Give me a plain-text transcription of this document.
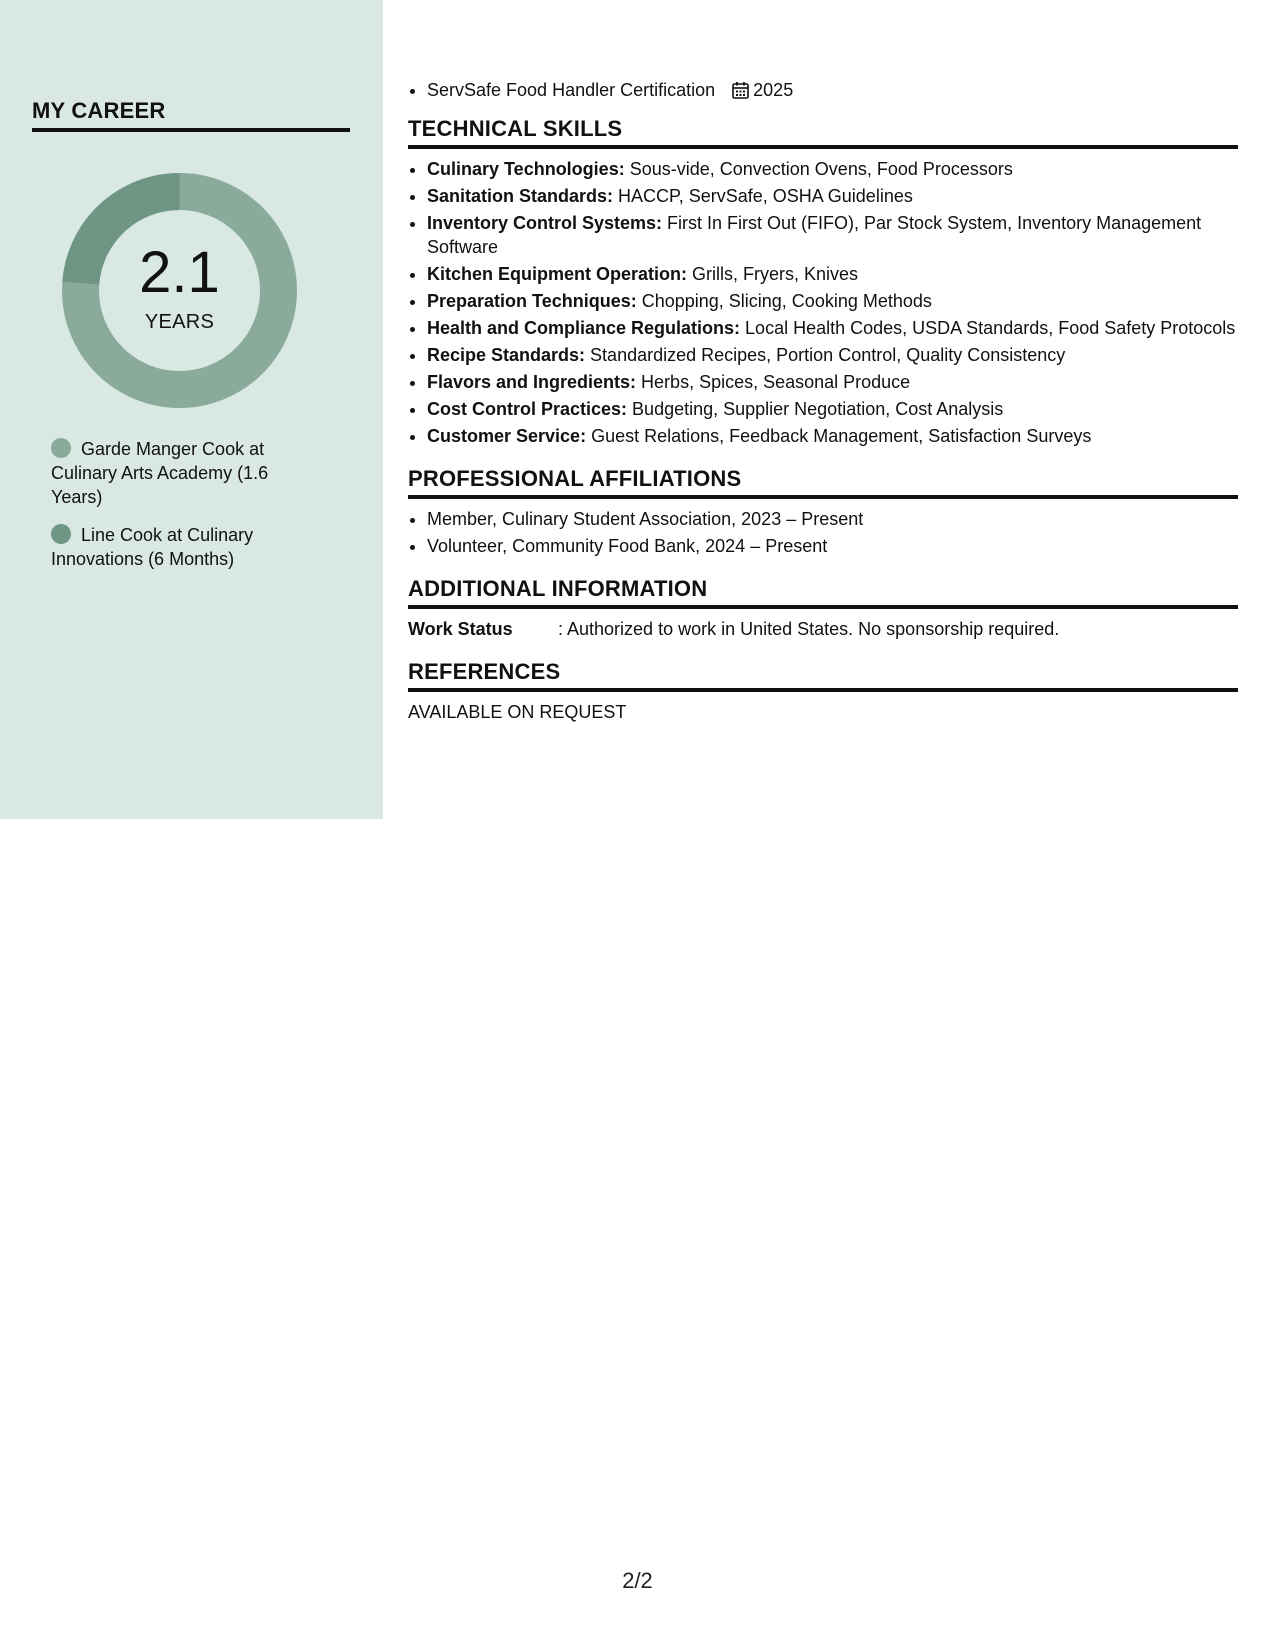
MY CAREER
2.1
YEARS
Garde Manger Cook at Culinary Arts Academy (1.6 Years)
Line Cook at Culinary Innovations (6 Months)
• ServSafe Food Handler Certification 2025
TECHNICAL SKILLS
• Culinary Technologies: Sous-vide, Convection Ovens, Food Processors
• Sanitation Standards: HACCP, ServSafe, OSHA Guidelines
• Inventory Control Systems: First In First Out (FIFO), Par Stock System, Inventory Management Software
• Kitchen Equipment Operation: Grills, Fryers, Knives
• Preparation Techniques: Chopping, Slicing, Cooking Methods
• Health and Compliance Regulations: Local Health Codes, USDA Standards, Food Safety Protocols
• Recipe Standards: Standardized Recipes, Portion Control, Quality Consistency
• Flavors and Ingredients: Herbs, Spices, Seasonal Produce
• Cost Control Practices: Budgeting, Supplier Negotiation, Cost Analysis
• Customer Service: Guest Relations, Feedback Management, Satisfaction Surveys
PROFESSIONAL AFFILIATIONS
• Member, Culinary Student Association, 2023 – Present
• Volunteer, Community Food Bank, 2024 – Present
ADDITIONAL INFORMATION
Work Status	: Authorized to work in United States. No sponsorship required.
REFERENCES
AVAILABLE ON REQUEST
2/2
